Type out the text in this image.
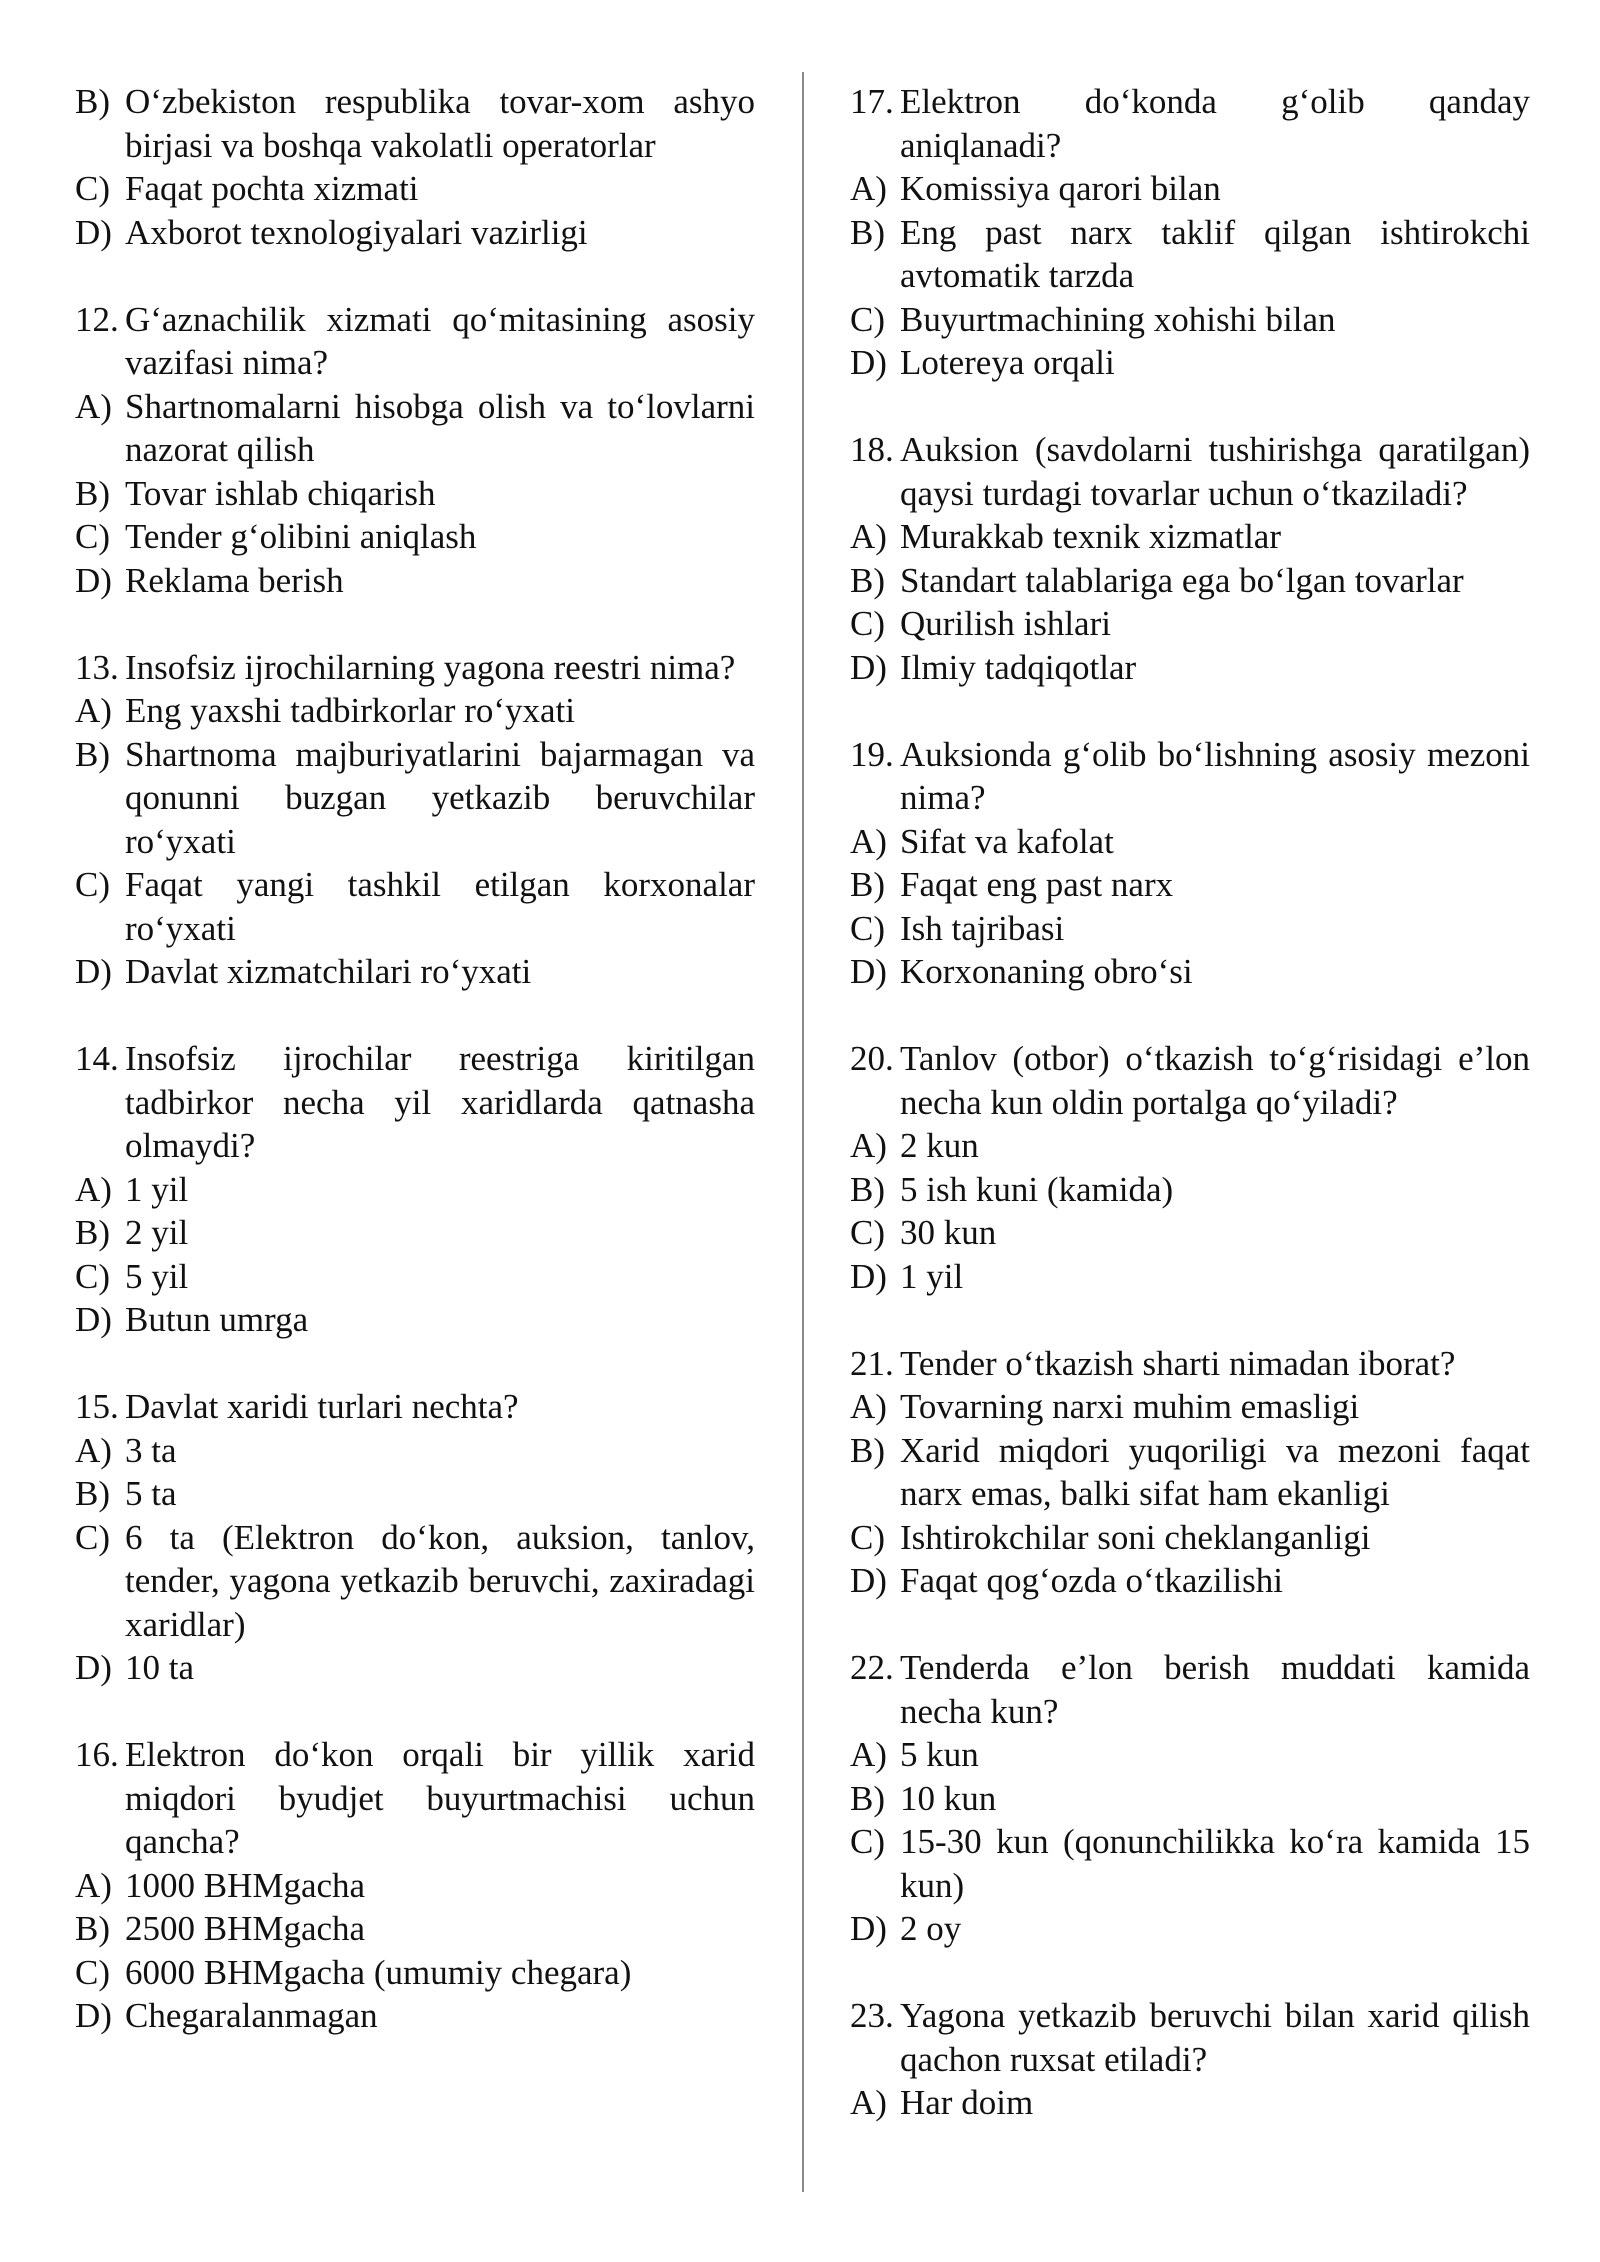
B) O‘zbekiston respublika tovar-xom ashyo birjasi va boshqa vakolatli operatorlar
C) Faqat pochta xizmati
D) Axborot texnologiyalari vazirligi
12. G‘aznachilik xizmati qo‘mitasining asosiy vazifasi nima?
A) Shartnomalarni hisobga olish va to‘lovlarni nazorat qilish
B) Tovar ishlab chiqarish
C) Tender g‘olibini aniqlash
D) Reklama berish
13. Insofsiz ijrochilarning yagona reestri nima?
A) Eng yaxshi tadbirkorlar ro‘yxati
B) Shartnoma majburiyatlarini bajarmagan va qonunni buzgan yetkazib beruvchilar ro‘yxati
C) Faqat yangi tashkil etilgan korxonalar ro‘yxati
D) Davlat xizmatchilari ro‘yxati
14. Insofsiz ijrochilar reestriga kiritilgan tadbirkor necha yil xaridlarda qatnasha olmaydi?
A) 1 yil
B) 2 yil
C) 5 yil
D) Butun umrga
15. Davlat xaridi turlari nechta?
A) 3 ta
B) 5 ta
C) 6 ta (Elektron do‘kon, auksion, tanlov, tender, yagona yetkazib beruvchi, zaxiradagi xaridlar)
D) 10 ta
16. Elektron do‘kon orqali bir yillik xarid miqdori byudjet buyurtmachisi uchun qancha?
A) 1000 BHMgacha
B) 2500 BHMgacha
C) 6000 BHMgacha (umumiy chegara)
D) Chegaralanmagan
17. Elektron do‘konda g‘olib qanday aniqlanadi?
A) Komissiya qarori bilan
B) Eng past narx taklif qilgan ishtirokchi avtomatik tarzda
C) Buyurtmachining xohishi bilan
D) Lotereya orqali
18. Auksion (savdolarni tushirishga qaratilgan) qaysi turdagi tovarlar uchun o‘tkaziladi?
A) Murakkab texnik xizmatlar
B) Standart talablariga ega bo‘lgan tovarlar
C) Qurilish ishlari
D) Ilmiy tadqiqotlar
19. Auksionda g‘olib bo‘lishning asosiy mezoni nima?
A) Sifat va kafolat
B) Faqat eng past narx
C) Ish tajribasi
D) Korxonaning obro‘si
20. Tanlov (otbor) o‘tkazish to‘g‘risidagi e’lon necha kun oldin portalga qo‘yiladi?
A) 2 kun
B) 5 ish kuni (kamida)
C) 30 kun
D) 1 yil
21. Tender o‘tkazish sharti nimadan iborat?
A) Tovarning narxi muhim emasligi
B) Xarid miqdori yuqoriligi va mezoni faqat narx emas, balki sifat ham ekanligi
C) Ishtirokchilar soni cheklanganligi
D) Faqat qog‘ozda o‘tkazilishi
22. Tenderda e’lon berish muddati kamida necha kun?
A) 5 kun
B) 10 kun
C) 15-30 kun (qonunchilikka ko‘ra kamida 15 kun)
D) 2 oy
23. Yagona yetkazib beruvchi bilan xarid qilish qachon ruxsat etiladi?
A) Har doim
